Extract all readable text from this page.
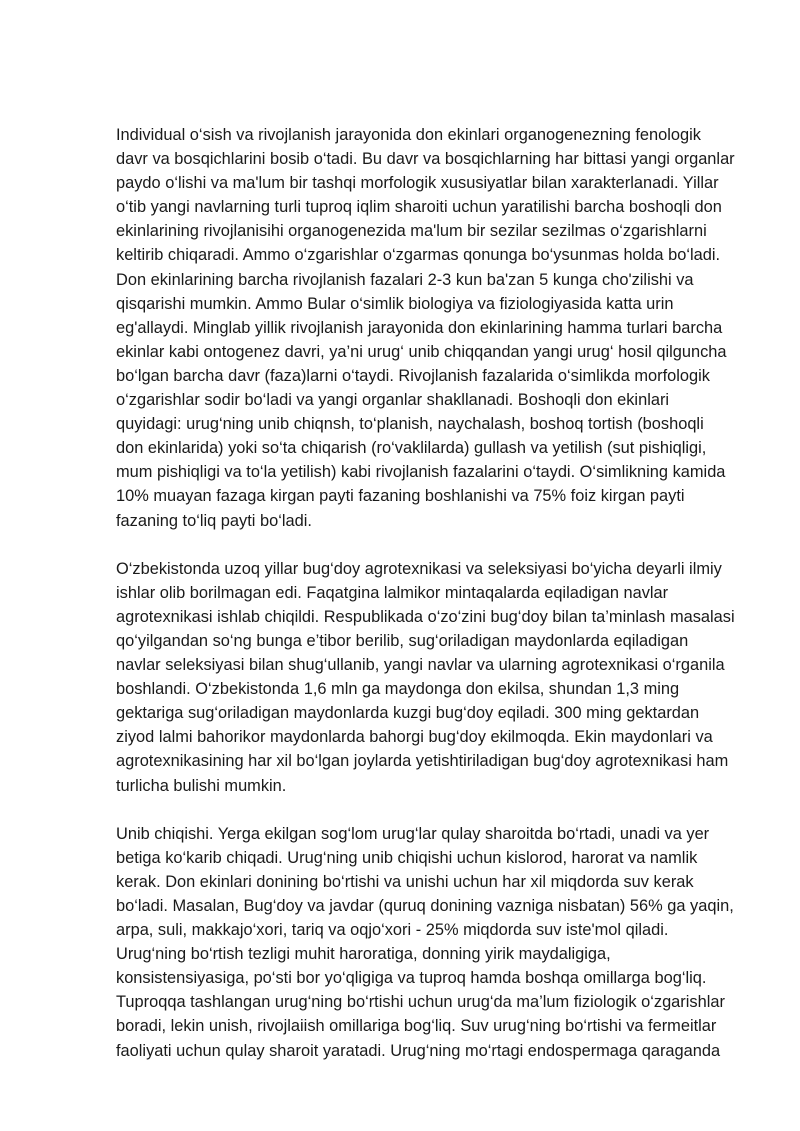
Individual o‘sish va rivojlanish jarayonida don ekinlari organogenezning fenologik
davr va bosqichlarini bosib o‘tadi. Bu davr va bosqichlarning har bittasi yangi organlar
paydo o‘lishi va ma'lum bir tashqi morfologik xususiyatlar bilan xarakterlanadi. Yillar
o‘tib yangi navlarning turli tuproq iqlim sharoiti uchun yaratilishi barcha boshoqli don
ekinlarining rivojlanisihi organogenezida ma'lum bir sezilar sezilmas o‘zgarishlarni
keltirib chiqaradi. Ammo o‘zgarishlar o‘zgarmas qonunga bo‘ysunmas holda bo‘ladi.
Don ekinlarining barcha rivojlanish fazalari 2-3 kun ba'zan 5 kunga cho'zilishi va
qisqarishi mumkin. Ammo Bular o‘simlik biologiya va fiziologiyasida katta urin
eg'allaydi. Minglab yillik rivojlanish jarayonida don ekinlarining hamma turlari barcha
ekinlar kabi ontogenez davri, ya’ni urug‘ unib chiqqandan yangi urug‘ hosil qilguncha
bo‘lgan barcha davr (faza)larni o‘taydi. Rivojlanish fazalarida o‘simlikda morfologik
o‘zgarishlar sodir bo‘ladi va yangi organlar shakllanadi. Boshoqli don ekinlari
quyidagi: urug‘ning unib chiqnsh, to‘planish, naychalash, boshoq tortish (boshoqli
don ekinlarida) yoki so‘ta chiqarish (ro‘vaklilarda) gullash va yetilish (sut pishiqligi,
mum pishiqligi va to‘la yetilish) kabi rivojlanish fazalarini o‘taydi. O‘simlikning kamida
10% muayan fazaga kirgan payti fazaning boshlanishi va 75% foiz kirgan payti
fazaning to‘liq payti bo‘ladi.
O‘zbekistonda uzoq yillar bug‘doy agrotexnikasi va seleksiyasi bo‘yicha deyarli ilmiy
ishlar olib borilmagan edi. Faqatgina lalmikor mintaqalarda eqiladigan navlar
agrotexnikasi ishlab chiqildi. Respublikada o‘zo‘zini bug‘doy bilan ta’minlash masalasi
qo‘yilgandan so‘ng bunga e’tibor berilib, sug‘oriladigan maydonlarda eqiladigan
navlar seleksiyasi bilan shug‘ullanib, yangi navlar va ularning agrotexnikasi o‘rganila
boshlandi. O‘zbekistonda 1,6 mln ga maydonga don ekilsa, shundan 1,3 ming
gektariga sug‘oriladigan maydonlarda kuzgi bug‘doy eqiladi. 300 ming gektardan
ziyod lalmi bahorikor maydonlarda bahorgi bug‘doy ekilmoqda. Ekin maydonlari va
agrotexnikasining har xil bo‘lgan joylarda yetishtiriladigan bug‘doy agrotexnikasi ham
turlicha bulishi mumkin.
Unib chiqishi. Yerga ekilgan sog‘lom urug‘lar qulay sharoitda bo‘rtadi, unadi va yer
betiga ko‘karib chiqadi. Urug‘ning unib chiqishi uchun kislorod, harorat va namlik
kerak. Don ekinlari donining bo‘rtishi va unishi uchun har xil miqdorda suv kerak
bo‘ladi. Masalan, Bug‘doy va javdar (quruq donining vazniga nisbatan) 56% ga yaqin,
arpa, suli, makkajo‘xori, tariq va oqjo‘xori - 25% miqdorda suv iste'mol qiladi.
Urug‘ning bo‘rtish tezligi muhit haroratiga, donning yirik maydaligiga,
konsistensiyasiga, po‘sti bor yo‘qligiga va tuproq hamda boshqa omillarga bog‘liq.
Tuproqqa tashlangan urug‘ning bo‘rtishi uchun urug‘da ma’lum fiziologik o‘zgarishlar
boradi, lekin unish, rivojlaiish omillariga bog‘liq. Suv urug‘ning bo‘rtishi va fermeitlar
faoliyati uchun qulay sharoit yaratadi. Urug‘ning mo‘rtagi endospermaga qaraganda
